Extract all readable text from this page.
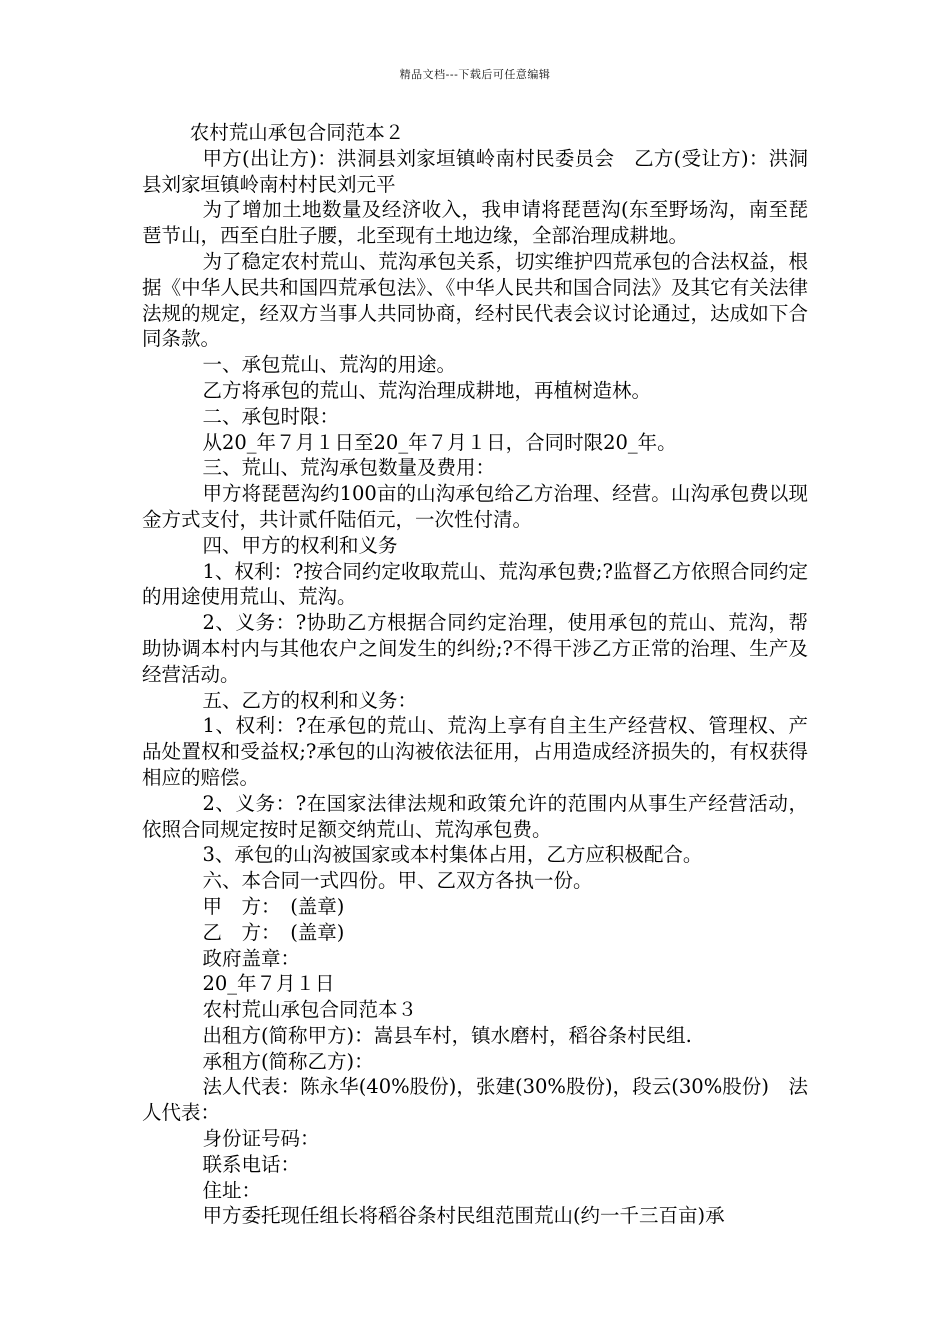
精品文档---下载后可任意编辑

农村荒山承包合同范本２

甲方(出让方)：洪洞县刘家垣镇岭南村民委员会　乙方(受让方)：洪洞县刘家垣镇岭南村村民刘元平

为了增加土地数量及经济收入，我申请将琵琶沟(东至野场沟，南至琵琶节山，西至白肚子腰，北至现有土地边缘，全部治理成耕地。

为了稳定农村荒山、荒沟承包关系，切实维护四荒承包的合法权益，根据《中华人民共和国四荒承包法》、《中华人民共和国合同法》及其它有关法律法规的规定，经双方当事人共同协商，经村民代表会议讨论通过，达成如下合同条款。

一、承包荒山、荒沟的用途。

乙方将承包的荒山、荒沟治理成耕地，再植树造林。

二、承包时限：

从20_年７月１日至20_年７月１日，合同时限20_年。

三、荒山、荒沟承包数量及费用：

甲方将琵琶沟约100亩的山沟承包给乙方治理、经营。山沟承包费以现金方式支付，共计贰仟陆佰元，一次性付清。

四、甲方的权利和义务

1、权利：?按合同约定收取荒山、荒沟承包费;?监督乙方依照合同约定的用途使用荒山、荒沟。

2、义务：?协助乙方根据合同约定治理，使用承包的荒山、荒沟，帮助协调本村内与其他农户之间发生的纠纷;?不得干涉乙方正常的治理、生产及经营活动。

五、乙方的权利和义务：

1、权利：?在承包的荒山、荒沟上享有自主生产经营权、管理权、产品处置权和受益权;?承包的山沟被依法征用，占用造成经济损失的，有权获得相应的赔偿。

2、义务：?在国家法律法规和政策允许的范围内从事生产经营活动，依照合同规定按时足额交纳荒山、荒沟承包费。

3、承包的山沟被国家或本村集体占用，乙方应积极配合。

六、本合同一式四份。甲、乙双方各执一份。

甲　方：　(盖章)

乙　方：　(盖章)

政府盖章：

20_年７月１日

农村荒山承包合同范本３

出租方(简称甲方)：嵩县车村，镇水磨村，稻谷条村民组.

承租方(简称乙方)：

法人代表：陈永华(40%股份)，张建(30%股份)，段云(30%股份)　法人代表：

身份证号码：

联系电话：

住址：

甲方委托现任组长将稻谷条村民组范围荒山(约一千三百亩)承
